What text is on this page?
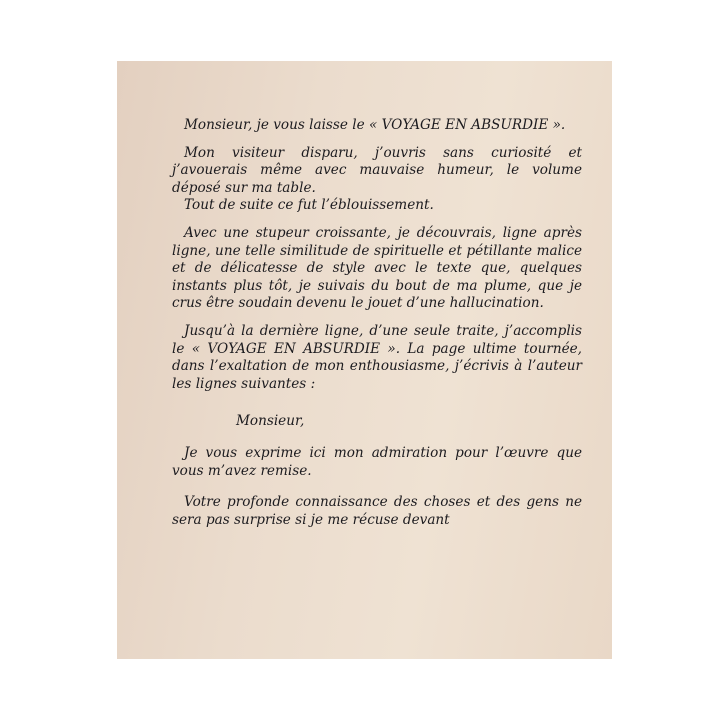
Monsieur, je vous laisse le « VOYAGE EN ABSURDIE ».

Mon visiteur disparu, j’ouvris sans curiosité et j’avouerais même avec mauvaise humeur, le volume déposé sur ma table.

Tout de suite ce fut l’éblouissement.

Avec une stupeur croissante, je découvrais, ligne après ligne, une telle similitude de spirituelle et pétillante malice et de délicatesse de style avec le texte que, quelques instants plus tôt, je suivais du bout de ma plume, que je crus être soudain devenu le jouet d’une hallucination.

Jusqu’à la dernière ligne, d’une seule traite, j’accomplis le « VOYAGE EN ABSURDIE ». La page ultime tournée, dans l’exaltation de mon enthousiasme, j’écrivis à l’auteur les lignes suivantes :

Monsieur,

Je vous exprime ici mon admiration pour l’œuvre que vous m’avez remise.

Votre profonde connaissance des choses et des gens ne sera pas surprise si je me récuse devant
